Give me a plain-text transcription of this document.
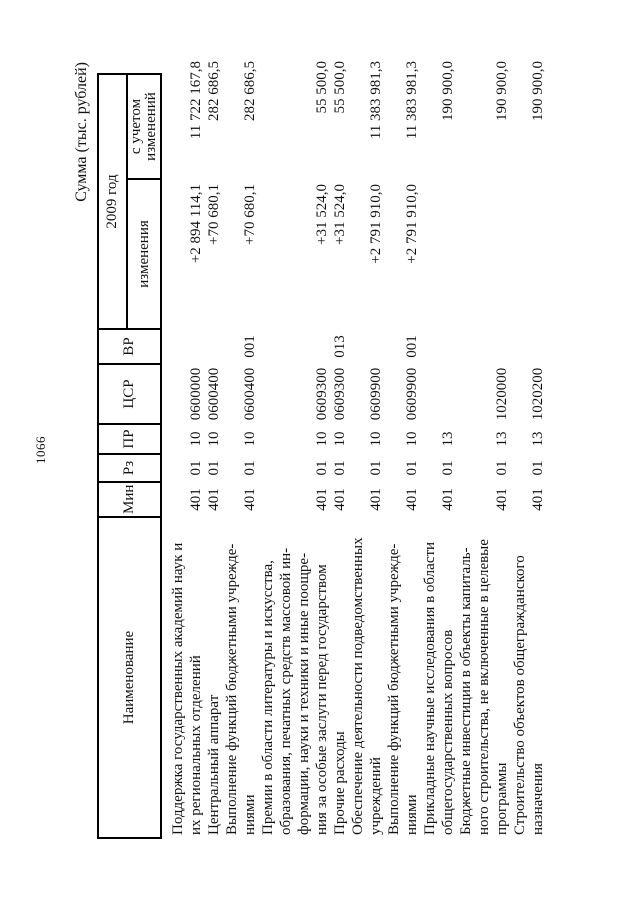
1066
Сумма (тыс. рублей)
Наименование	Мин	Рз	ПР	ЦСР	ВР	2009 год	
						изменения	с учетом изменений

Поддержка государственных академий наук и их региональных отделений	401	01	10	0600000		+2 894 114,1	11 722 167,8
Центральный аппарат	401	01	10	0600400		+70 680,1	282 686,5
Выполнение функций бюджетными учрежде- ниями	401	01	10	0600400	001	+70 680,1	282 686,5
Премии в области литературы и искусства, образования, печатных средств массовой ин- формации, науки и техники и иные поощре- ния за особые заслуги перед государством	401	01	10	0609300		+31 524,0	55 500,0
Прочие расходы	401	01	10	0609300	013	+31 524,0	55 500,0
Обеспечение деятельности подведомственных учреждений	401	01	10	0609900		+2 791 910,0	11 383 981,3
Выполнение функций бюджетными учрежде- ниями	401	01	10	0609900	001	+2 791 910,0	11 383 981,3
Прикладные научные исследования в области общегосударственных вопросов	401	01	13				190 900,0
Бюджетные инвестиции в объекты капиталь- ного строительства, не включенные в целевые программы	401	01	13	1020000			190 900,0
Строительство объектов общегражданского назначения	401	01	13	1020200			190 900,0
